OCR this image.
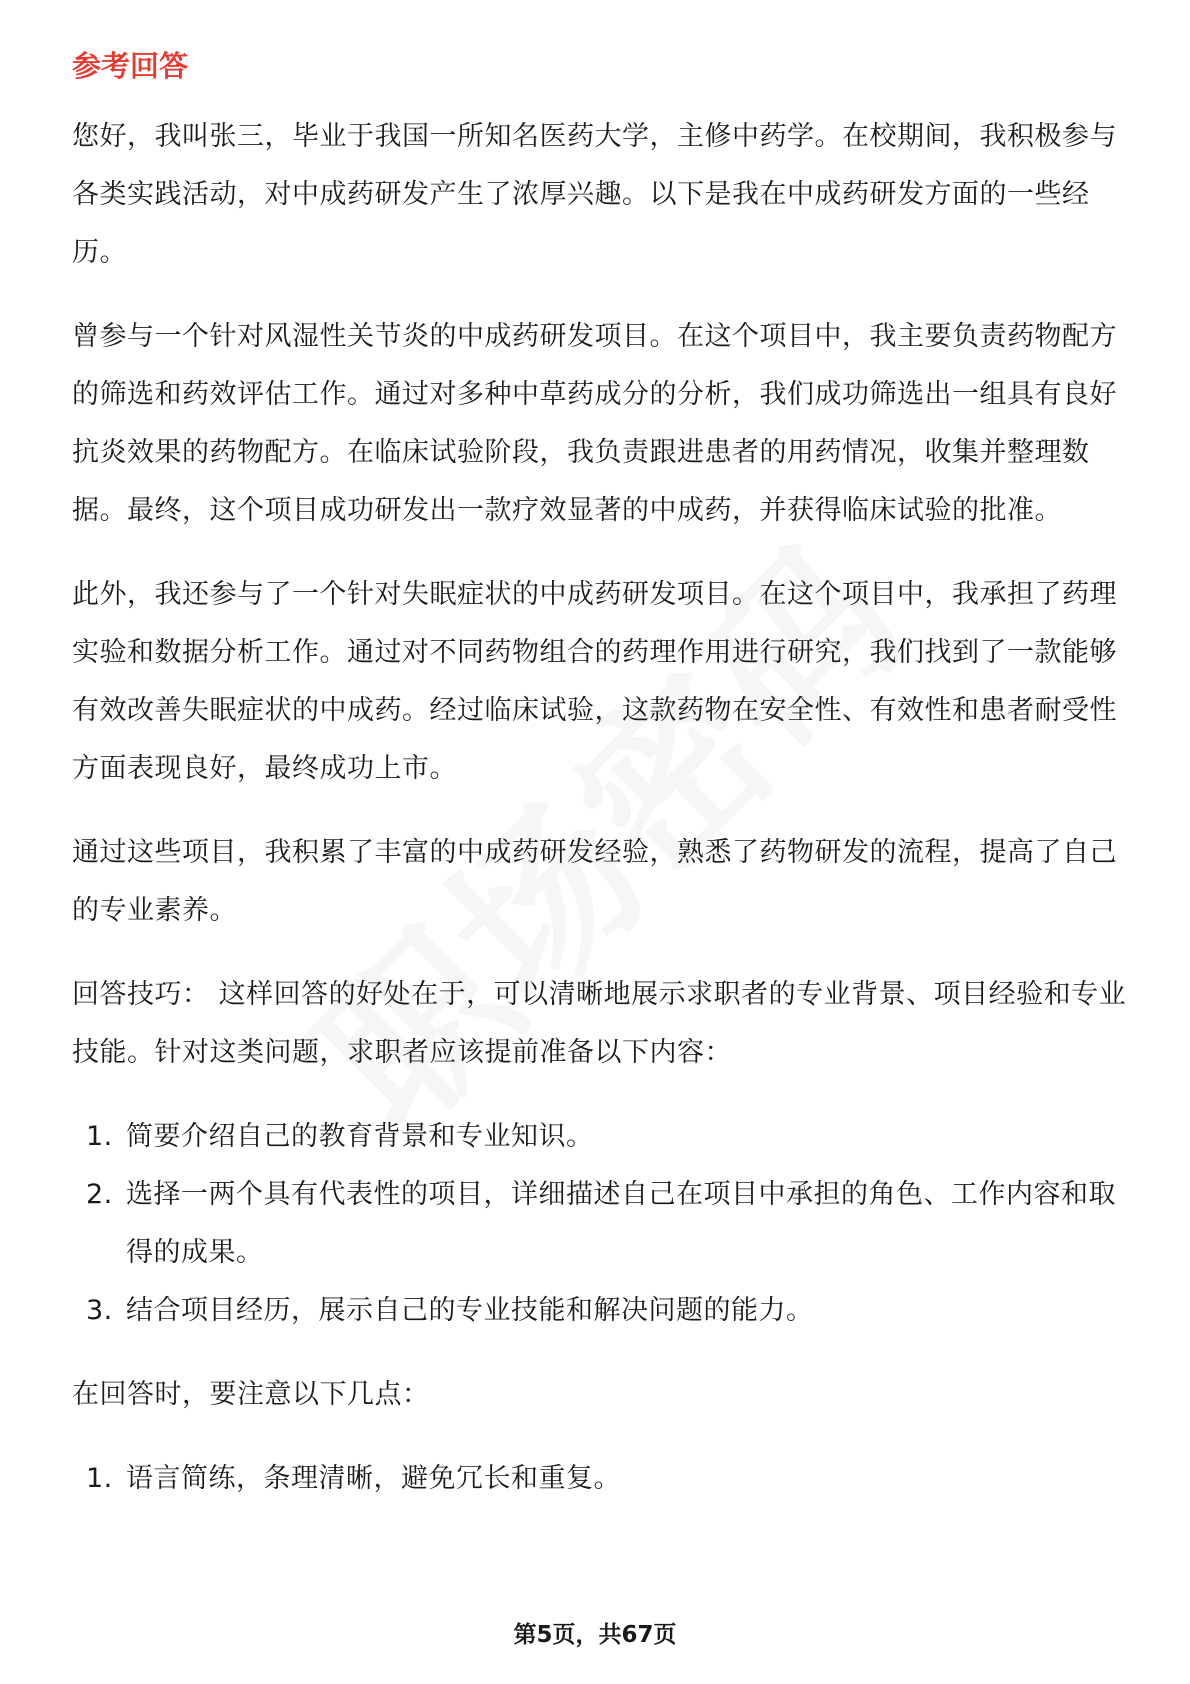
参考回答

您好，我叫张三，毕业于我国一所知名医药大学，主修中药学。在校期间，我积极参与各类实践活动，对中成药研发产生了浓厚兴趣。以下是我在中成药研发方面的一些经历。

曾参与一个针对风湿性关节炎的中成药研发项目。在这个项目中，我主要负责药物配方的筛选和药效评估工作。通过对多种中草药成分的分析，我们成功筛选出一组具有良好抗炎效果的药物配方。在临床试验阶段，我负责跟进患者的用药情况，收集并整理数据。最终，这个项目成功研发出一款疗效显著的中成药，并获得临床试验的批准。

此外，我还参与了一个针对失眠症状的中成药研发项目。在这个项目中，我承担了药理实验和数据分析工作。通过对不同药物组合的药理作用进行研究，我们找到了一款能够有效改善失眠症状的中成药。经过临床试验，这款药物在安全性、有效性和患者耐受性方面表现良好，最终成功上市。

通过这些项目，我积累了丰富的中成药研发经验，熟悉了药物研发的流程，提高了自己的专业素养。

回答技巧： 这样回答的好处在于，可以清晰地展示求职者的专业背景、项目经验和专业技能。针对这类问题，求职者应该提前准备以下内容：

1. 简要介绍自己的教育背景和专业知识。
2. 选择一两个具有代表性的项目，详细描述自己在项目中承担的角色、工作内容和取得的成果。
3. 结合项目经历，展示自己的专业技能和解决问题的能力。

在回答时，要注意以下几点：

1. 语言简练，条理清晰，避免冗长和重复。
第5页，共67页
